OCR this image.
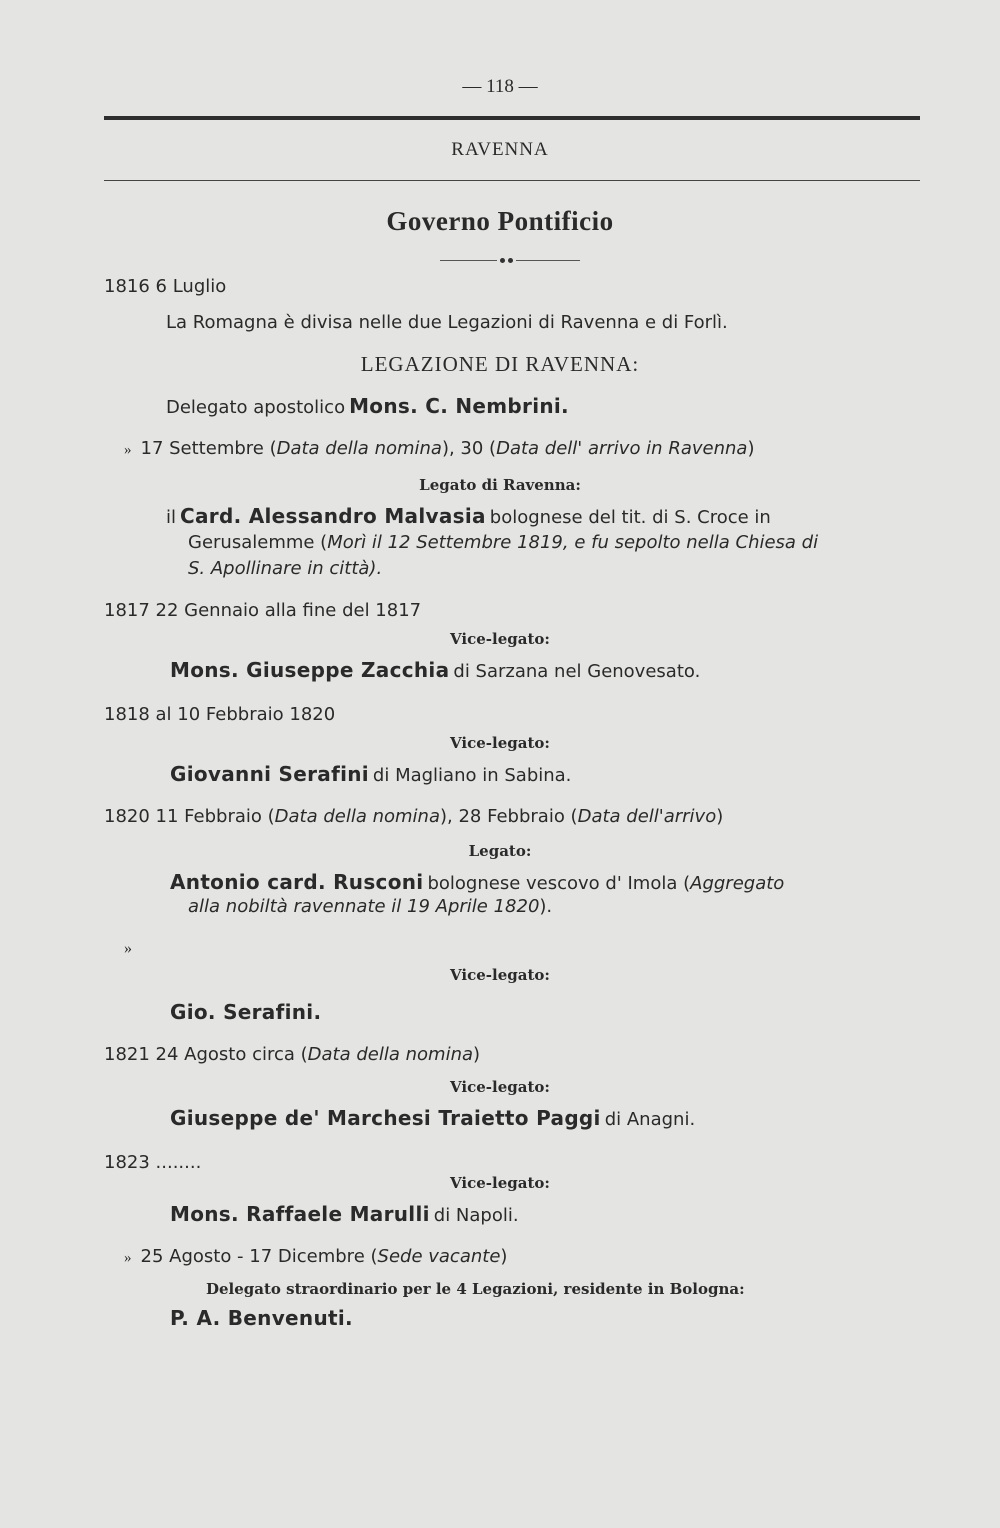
— 118 —
RAVENNA
Governo Pontificio
1816 6 Luglio
La Romagna è divisa nelle due Legazioni di Ravenna e di Forlì.
LEGAZIONE DI RAVENNA:
Delegato apostolico Mons. C. Nembrini.
» 17 Settembre (Data della nomina), 30 (Data dell' arrivo in Ravenna)
Legato di Ravenna:
il Card. Alessandro Malvasia bolognese del tit. di S. Croce in
Gerusalemme (Morì il 12 Settembre 1819, e fu sepolto nella Chiesa di
S. Apollinare in città).
1817 22 Gennaio alla fine del 1817
Vice-legato:
Mons. Giuseppe Zacchia di Sarzana nel Genovesato.
1818 al 10 Febbraio 1820
Vice-legato:
Giovanni Serafini di Magliano in Sabina.
1820 11 Febbraio (Data della nomina), 28 Febbraio (Data dell'arrivo)
Legato:
Antonio card. Rusconi bolognese vescovo d' Imola (Aggregato
alla nobiltà ravennate il 19 Aprile 1820).
»
Vice-legato:
Gio. Serafini.
1821 24 Agosto circa (Data della nomina)
Vice-legato:
Giuseppe de' Marchesi Traietto Paggi di Anagni.
1823 ........
Vice-legato:
Mons. Raffaele Marulli di Napoli.
» 25 Agosto - 17 Dicembre (Sede vacante)
Delegato straordinario per le 4 Legazioni, residente in Bologna:
P. A. Benvenuti.
